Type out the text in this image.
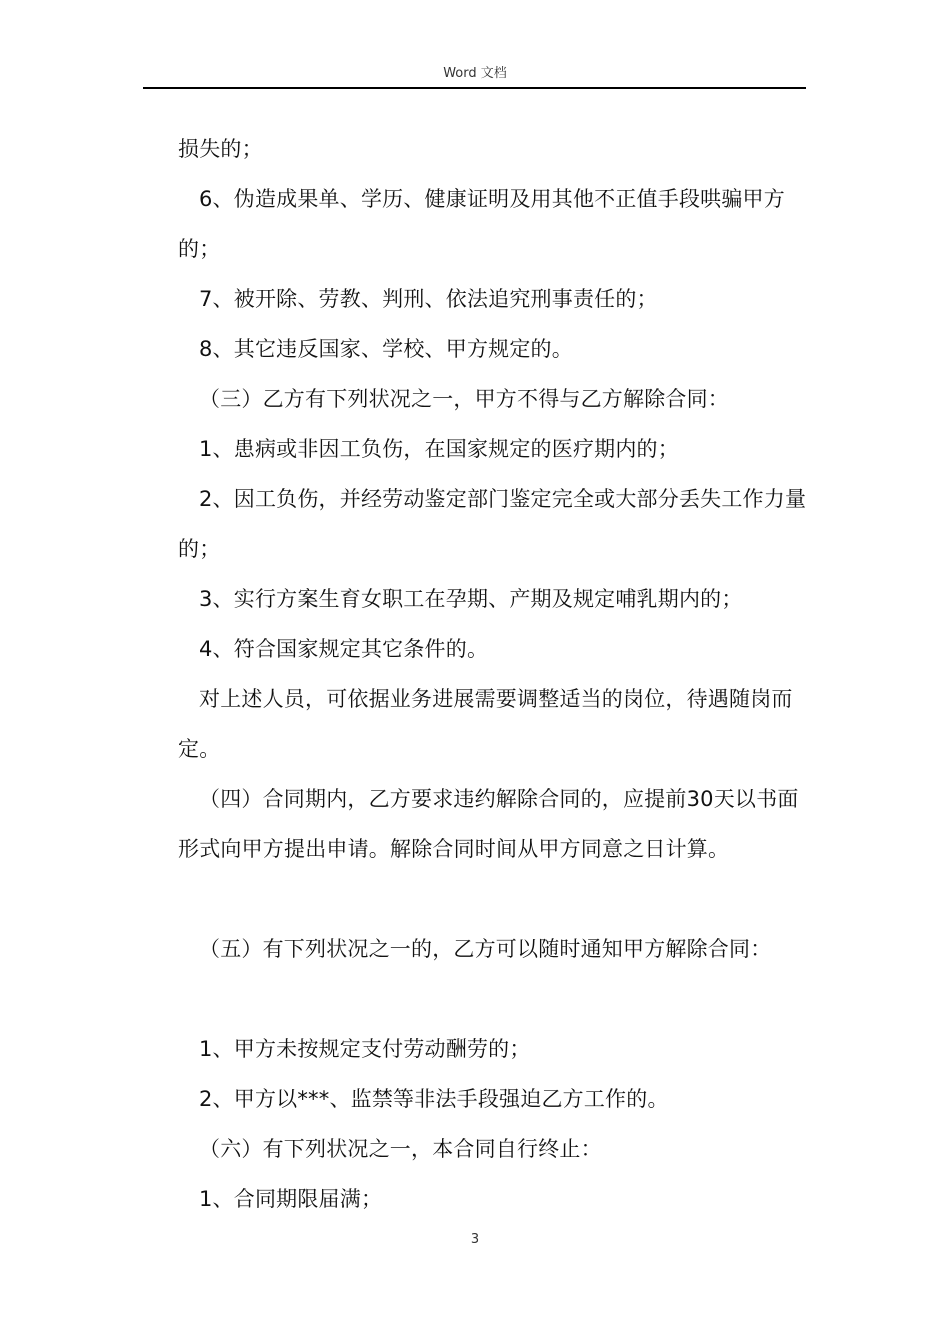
Word 文档

损失的；

6、伪造成果单、学历、健康证明及用其他不正值手段哄骗甲方的；

7、被开除、劳教、判刑、依法追究刑事责任的；

8、其它违反国家、学校、甲方规定的。

（三）乙方有下列状况之一，甲方不得与乙方解除合同：

1、患病或非因工负伤，在国家规定的医疗期内的；

2、因工负伤，并经劳动鉴定部门鉴定完全或大部分丢失工作力量的；

3、实行方案生育女职工在孕期、产期及规定哺乳期内的；

4、符合国家规定其它条件的。

对上述人员，可依据业务进展需要调整适当的岗位，待遇随岗而定。

（四）合同期内，乙方要求违约解除合同的，应提前30天以书面形式向甲方提出申请。解除合同时间从甲方同意之日计算。

（五）有下列状况之一的，乙方可以随时通知甲方解除合同：

1、甲方未按规定支付劳动酬劳的；

2、甲方以***、监禁等非法手段强迫乙方工作的。

（六）有下列状况之一，本合同自行终止：

1、合同期限届满；

3
